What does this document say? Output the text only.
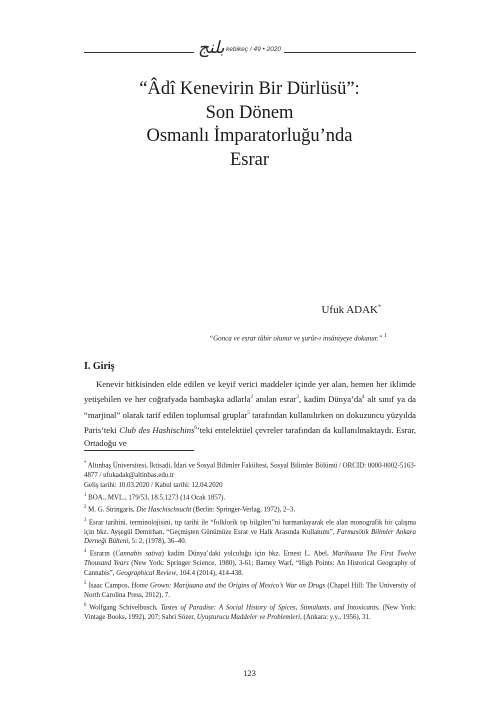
بلنج kebikeç / 49 • 2020
“Âdî Kenevirin Bir Dürlüsü”:
Son Dönem
Osmanlı İmparatorluğu’nda
Esrar
Ufuk ADAK*
“Gonca ve esrar tâbir olunur ve şurûr-ı insâniyeye dokunur.” $^1$
I. Giriş

Kenevir bitkisinden elde edilen ve keyif verici maddeler içinde yer alan, hemen her iklimde yetişebilen ve her coğrafyada bambaşka adlarla$^2$ anılan esrar$^3$, kadim $Dünya’da^4$ alt sınıf ya da “marjinal” olarak tarif edilen toplumsal gruplar$^5$ tarafından kullanılırken on dokuzuncu yüzyılda Paris’teki Club des Hashischins$^6$’teki entelektüel çevreler tarafından da kullanılmaktaydı. Esrar, Ortadoğu ve

* Altınbaş Üniversitesi, İktisadi, İdari ve Sosyal Bilimler Fakültesi, Sosyal Bilimler Bölümü / ORCID: 0000-0002-5163-4877 / ufukadak@altinbas.edu.tr
Geliş tarihi: 10.03.2020 / Kabul tarihi: 12.04.2020
$^1$ BOA., MVL., 179/53, 18.5.1273 (14 Ocak 1857).
$^2$ M. G. Stringaris, Die Haschischsucht (Berlin: Springer-Verlag, 1972), 2–3.
$^3$ Esrar tarihini, terminolojisini, tıp tarihi ile “folklorik tıp bilgileri”ni harmanlayarak ele alan monografik bir çalışma için bkz. Ayşegül Demirhan, “Geçmişten Günümüze Esrar ve Halk Arasında Kullanımı”, Farmasötik Bilimler Ankara Derneği Bülteni, 5: 2, (1978), 36–40.
$^4$ Esrarın (Cannabis sativa) kadim Dünya’daki yolculuğu için bkz. Ernest L. Abel, Marihuana The First Twelve Thousand Years (New York: Springer Science, 1980), 3-61; Barney Warf, “High Points: An Historical Geography of Cannabis”, Geographical Review, 104.4 (2014), 414-438.
$^5$ Isaac Campos, Home Grown: Marijuana and the Origins of Mexico’s War on Drugs (Chapel Hill: The University of North Carolina Press, 2012), 7.
$^6$ Wolfgang Schivelbusch, Tastes of Paradise: A Social History of Spices, Stimulants, and Intoxicants, (New York: Vintage Books, 1992), 207; Sabri Sözer, Uyuşturucu Maddeler ve Problemleri, (Ankara: y.y., 1956), 31.
123
